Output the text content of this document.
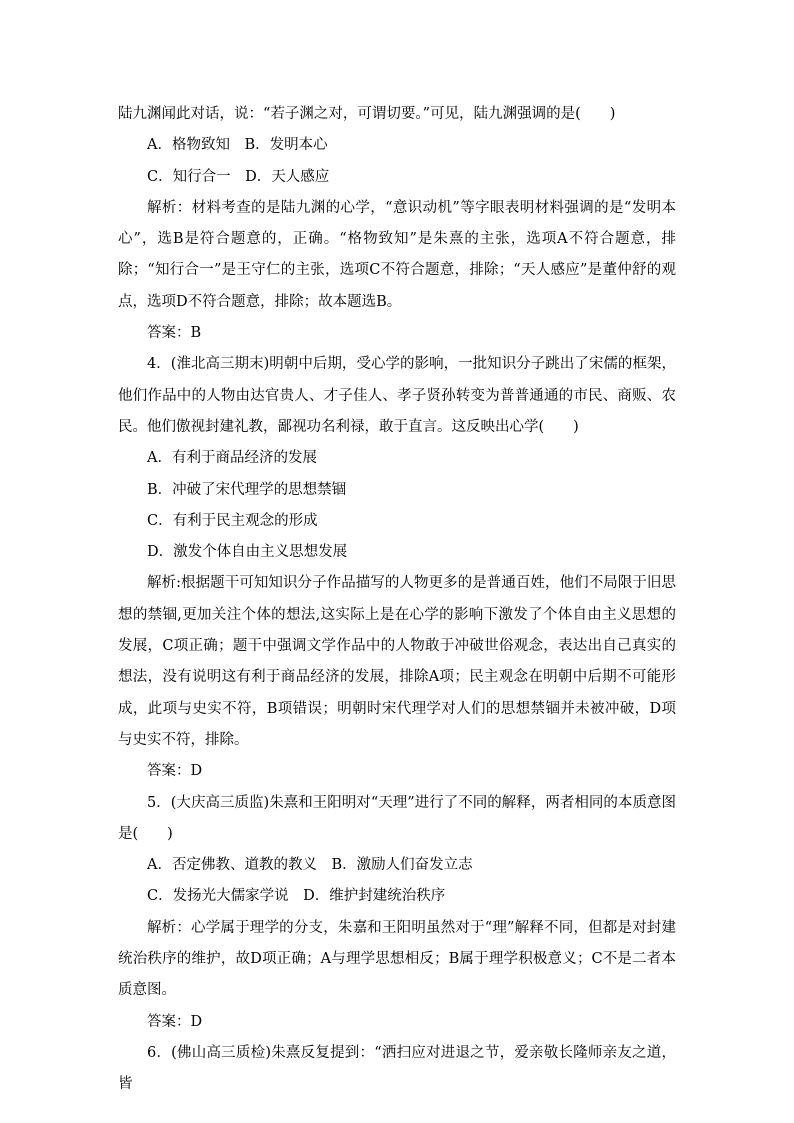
陆九渊闻此对话，说：“若子渊之对，可谓切要。”可见，陆九渊强调的是(　　)

A．格物致知　B．发明本心

C．知行合一　D．天人感应

解析：材料考查的是陆九渊的心学，“意识动机”等字眼表明材料强调的是“发明本心”，选B是符合题意的，正确。“格物致知”是朱熹的主张，选项A不符合题意，排除；“知行合一”是王守仁的主张，选项C不符合题意，排除；“天人感应”是董仲舒的观点，选项D不符合题意，排除；故本题选B。

答案：B

4．(淮北高三期末)明朝中后期，受心学的影响，一批知识分子跳出了宋儒的框架，他们作品中的人物由达官贵人、才子佳人、孝子贤孙转变为普普通通的市民、商贩、农民。他们傲视封建礼教，鄙视功名利禄，敢于直言。这反映出心学(　　)

A．有利于商品经济的发展

B．冲破了宋代理学的思想禁锢

C．有利于民主观念的形成

D．激发个体自由主义思想发展

解析:根据题干可知知识分子作品描写的人物更多的是普通百姓，他们不局限于旧思想的禁锢,更加关注个体的想法,这实际上是在心学的影响下激发了个体自由主义思想的发展，C项正确；题干中强调文学作品中的人物敢于冲破世俗观念，表达出自己真实的想法，没有说明这有利于商品经济的发展，排除A项；民主观念在明朝中后期不可能形成，此项与史实不符，B项错误；明朝时宋代理学对人们的思想禁锢并未被冲破，D项与史实不符，排除。

答案：D

5．(大庆高三质监)朱熹和王阳明对“天理”进行了不同的解释，两者相同的本质意图是(　　)

A．否定佛教、道教的教义　B．激励人们奋发立志

C．发扬光大儒家学说　D．维护封建统治秩序

解析：心学属于理学的分支，朱嘉和王阳明虽然对于“理”解释不同，但都是对封建统治秩序的维护，故D项正确；A与理学思想相反；B属于理学积极意义；C不是二者本质意图。

答案：D

6．(佛山高三质检)朱熹反复提到：“洒扫应对进退之节，爱亲敬长隆师亲友之道，皆
